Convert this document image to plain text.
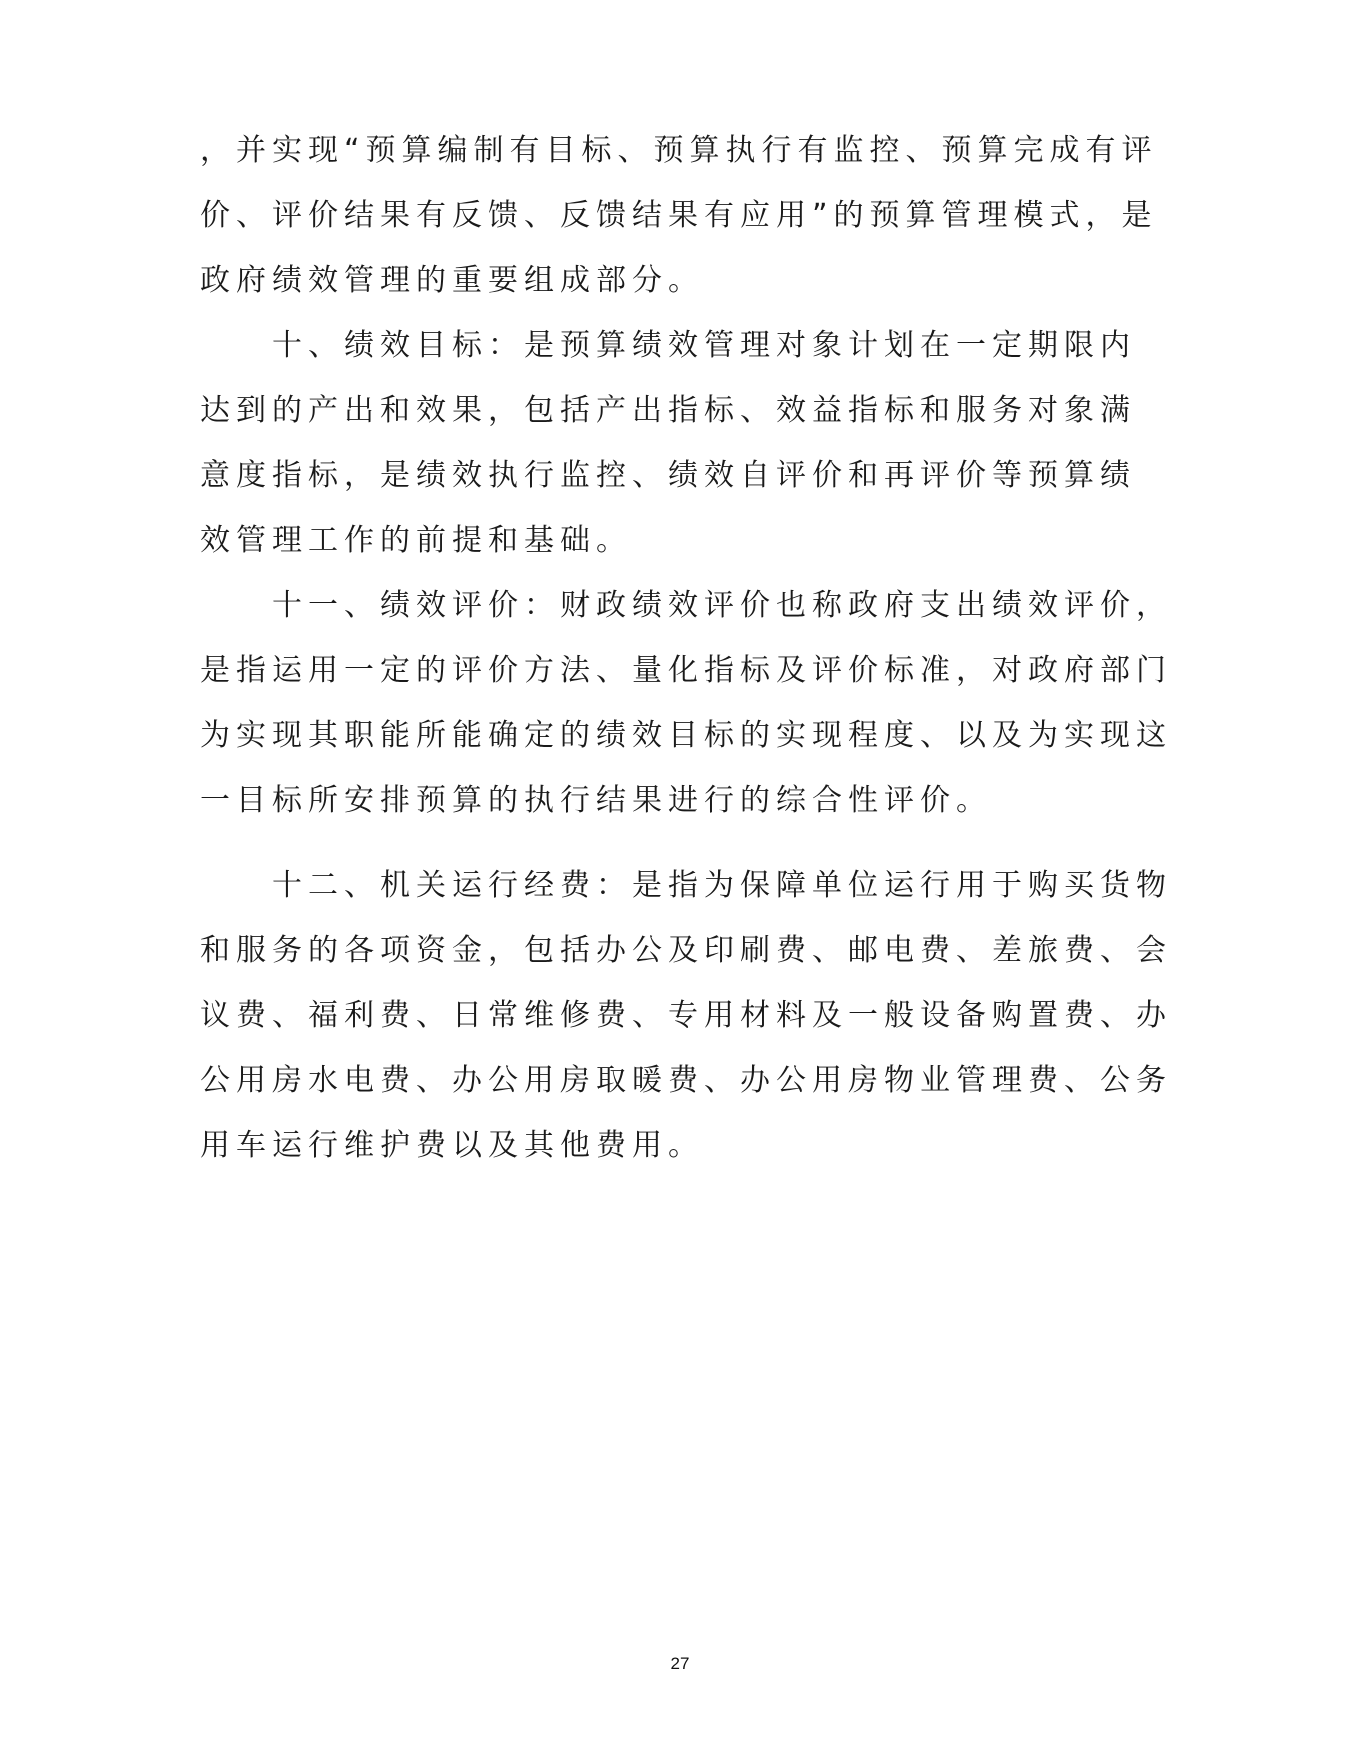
，并实现“预算编制有目标、预算执行有监控、预算完成有评
价、评价结果有反馈、反馈结果有应用”的预算管理模式，是
政府绩效管理的重要组成部分。
十、绩效目标：是预算绩效管理对象计划在一定期限内
达到的产出和效果，包括产出指标、效益指标和服务对象满
意度指标，是绩效执行监控、绩效自评价和再评价等预算绩
效管理工作的前提和基础。
十一、绩效评价：财政绩效评价也称政府支出绩效评价，
是指运用一定的评价方法、量化指标及评价标准，对政府部门
为实现其职能所能确定的绩效目标的实现程度、以及为实现这
一目标所安排预算的执行结果进行的综合性评价。
十二、机关运行经费：是指为保障单位运行用于购买货物
和服务的各项资金，包括办公及印刷费、邮电费、差旅费、会
议费、福利费、日常维修费、专用材料及一般设备购置费、办
公用房水电费、办公用房取暖费、办公用房物业管理费、公务
用车运行维护费以及其他费用。
27
